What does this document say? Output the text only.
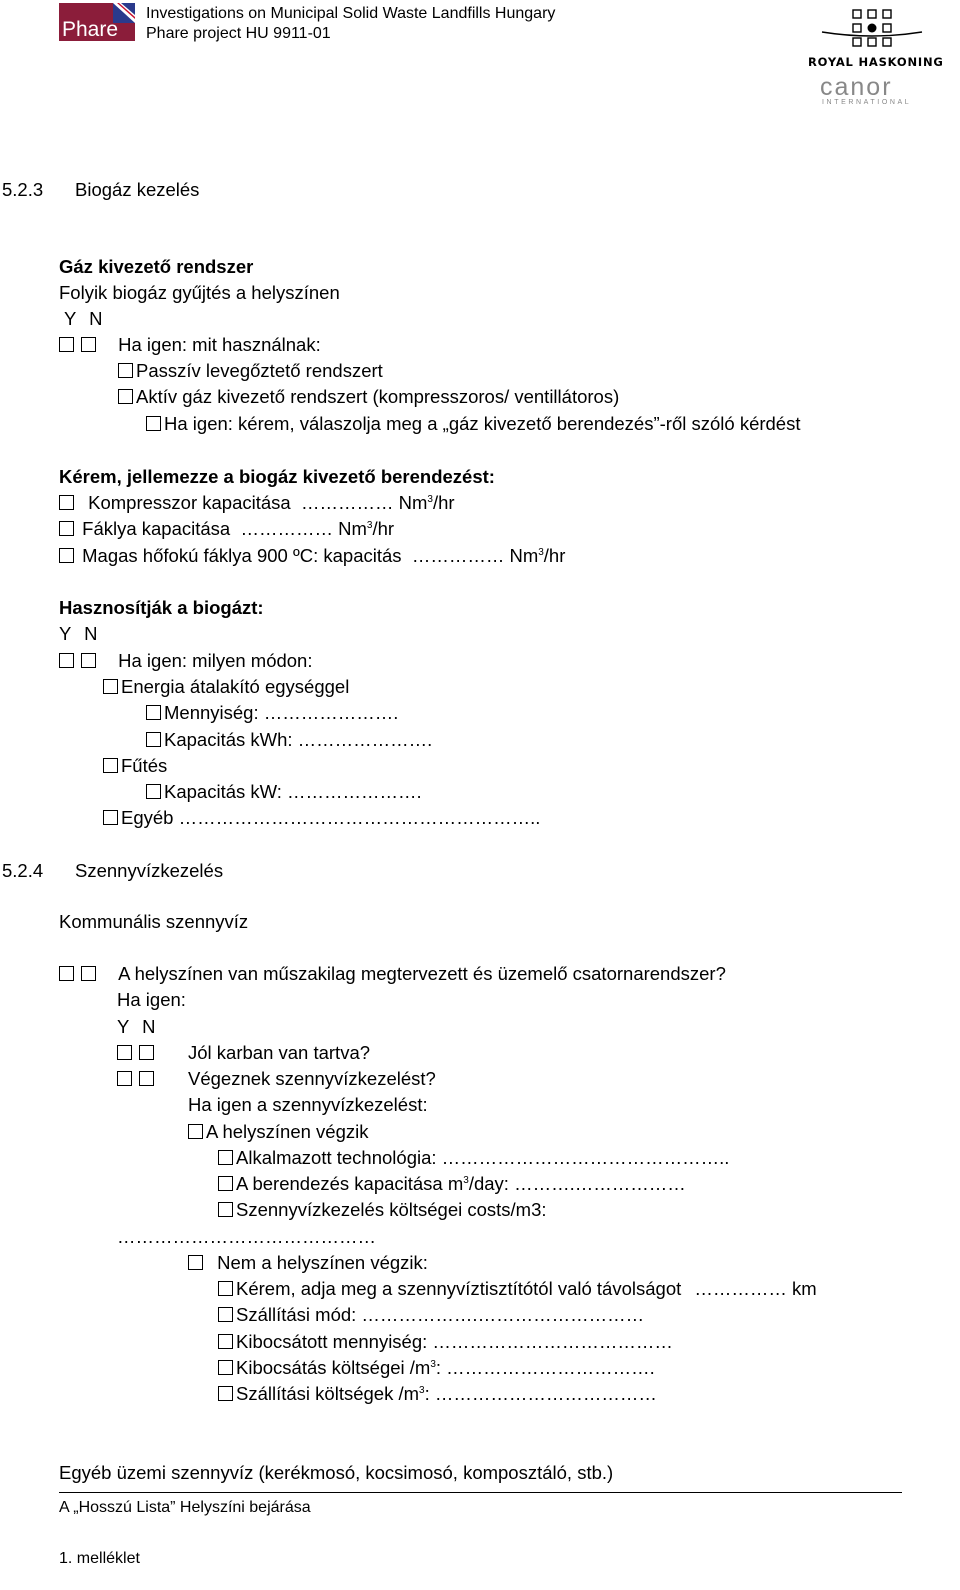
Phare
Investigations on Municipal Solid Waste Landfills Hungary
Phare project HU 9911-01
ROYAL HASKONING
canor
INTERNATIONAL
5.2.3 Biogáz kezelés
Gáz kivezető rendszer
Folyik biogáz gyűjtés a helyszínen
Y N
Ha igen: mit használnak:
Passzív levegőztető rendszert
Aktív gáz kivezető rendszert (kompresszoros/ ventillátoros)
Ha igen: kérem, válaszolja meg a „gáz kivezető berendezés”-ről szóló kérdést
Kérem, jellemezze a biogáz kivezető berendezést:
Kompresszor kapacitása …………… Nm$^3$/hr
Fáklya kapacitása …………… Nm$^3$/hr
Magas hőfokú fáklya 900 ºC: kapacitás …………… Nm$^3$/hr
Hasznosítják a biogázt:
Y N
Ha igen: milyen módon:
Energia átalakító egységgel
Mennyiség: ………………….
Kapacitás kWh: ………………….
Fűtés
Kapacitás kW: ………………….
Egyéb …………………………………………………..
5.2.4 Szennyvízkezelés
Kommunális szennyvíz
A helyszínen van műszakilag megtervezett és üzemelő csatornarendszer?
Ha igen:
Y N
Jól karban van tartva?
Végeznek szennyvízkezelést?
Ha igen a szennyvízkezelést:
A helyszínen végzik
Alkalmazott technológia: ………………………………………..
A berendezés kapacitása $m^3$/day: ……….………………
Szennyvízkezelés költségei costs/m3:
……………………………………
Nem a helyszínen végzik:
Kérem, adja meg a szennyvíztisztítótól való távolságot …………… km
Szállítási mód: ……………….………………………
Kibocsátott mennyiség: …………………………………
Kibocsátás költségei $/m^3$: …………………………….
Szállítási költségek $/m^3$: ………………………………
Egyéb üzemi szennyvíz (kerékmosó, kocsimosó, komposztáló, stb.)
A „Hosszú Lista” Helyszíni bejárása
1. melléklet
